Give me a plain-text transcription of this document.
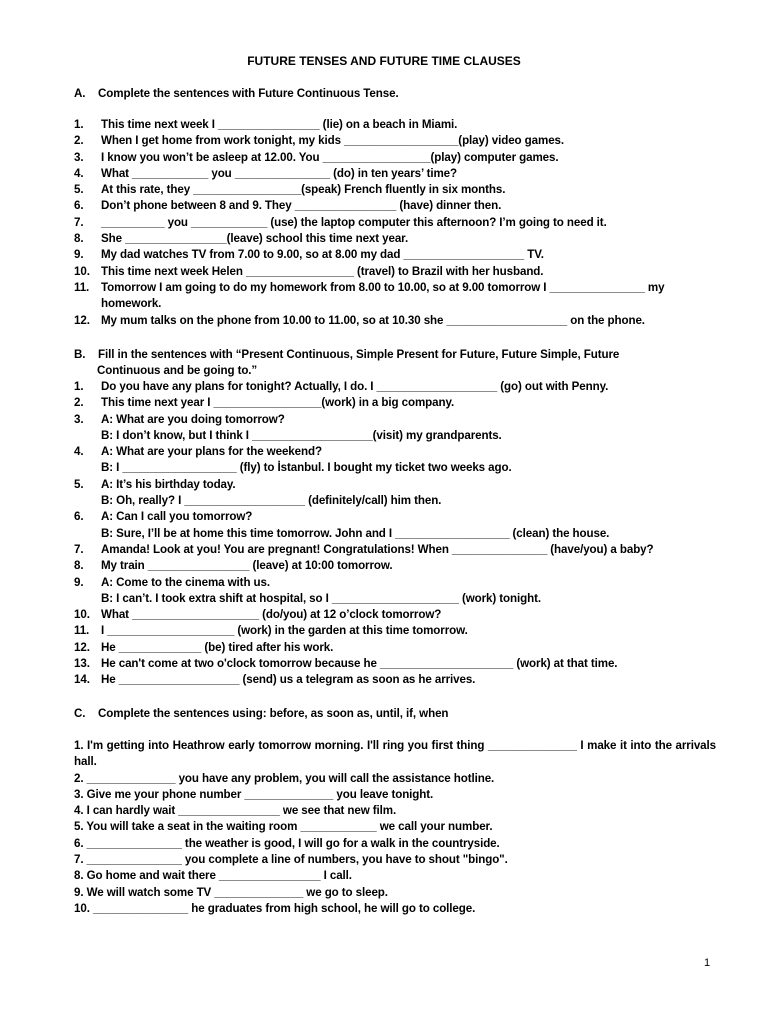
FUTURE TENSES AND FUTURE TIME CLAUSES
A. Complete the sentences with Future Continuous Tense.
1. This time next week I ________________ (lie) on a beach in Miami.
2. When I get home from work tonight, my kids __________________(play) video games.
3. I know you won’t be asleep at 12.00. You _________________(play) computer games.
4. What ____________ you _______________ (do) in ten years’ time?
5. At this rate, they _________________(speak) French fluently in six months.
6. Don’t phone between 8 and 9. They ________________ (have) dinner then.
7. __________ you ____________ (use) the laptop computer this afternoon? I’m going to need it.
8. She ________________(leave) school this time next year.
9. My dad watches TV from 7.00 to 9.00, so at 8.00 my dad ___________________ TV.
10. This time next week Helen _________________ (travel) to Brazil with her husband.
11. Tomorrow I am going to do my homework from 8.00 to 10.00, so at 9.00 tomorrow I _______________ my homework.
12. My mum talks on the phone from 10.00 to 11.00, so at 10.30 she ___________________ on the phone.
B. Fill in the sentences with “Present Continuous, Simple Present for Future, Future Simple, Future
Continuous and be going to.”
1. Do you have any plans for tonight? Actually, I do. I ___________________ (go) out with Penny.
2. This time next year I _________________(work) in a big company.
3. A: What are you doing tomorrow?
B: I don’t know, but I think I ___________________(visit) my grandparents.
4. A: What are your plans for the weekend?
B: I __________________ (fly) to İstanbul. I bought my ticket two weeks ago.
5. A: It’s his birthday today.
B: Oh, really? I ___________________ (definitely/call) him then.
6. A: Can I call you tomorrow?
B: Sure, I’ll be at home this time tomorrow. John and I __________________ (clean) the house.
7. Amanda! Look at you! You are pregnant! Congratulations! When _______________ (have/you) a baby?
8. My train ________________ (leave) at 10:00 tomorrow.
9. A: Come to the cinema with us.
B: I can’t. I took extra shift at hospital, so I ____________________ (work) tonight.
10. What ____________________ (do/you) at 12 o’clock tomorrow?
11. I ____________________ (work) in the garden at this time tomorrow.
12. He _____________ (be) tired after his work.
13. He can't come at two o'clock tomorrow because he _____________________ (work) at that time.
14. He ___________________ (send) us a telegram as soon as he arrives.
C. Complete the sentences using: before, as soon as, until, if, when

1. I'm getting into Heathrow early tomorrow morning. I'll ring you first thing ______________ I make it into the arrivals hall.

2. ______________ you have any problem, you will call the assistance hotline.

3. Give me your phone number ______________ you leave tonight.

4. I can hardly wait ________________ we see that new film.

5. You will take a seat in the waiting room ____________ we call your number.

6. _______________ the weather is good, I will go for a walk in the countryside.

7. _______________ you complete a line of numbers, you have to shout "bingo".

8. Go home and wait there ________________ I call.

9. We will watch some TV ______________ we go to sleep.

10. _______________ he graduates from high school, he will go to college.

1
